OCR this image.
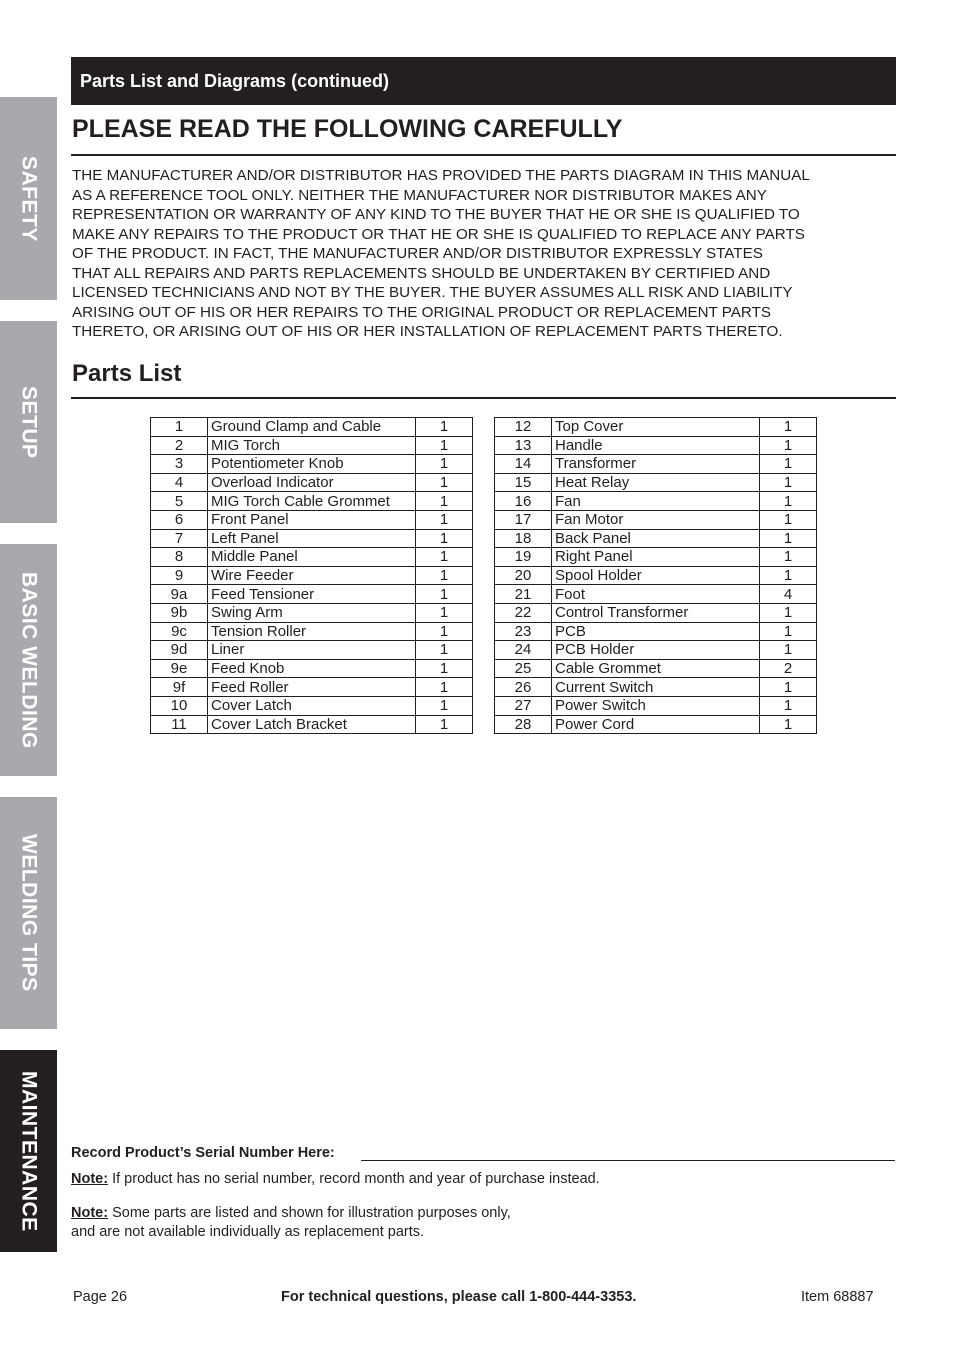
SAFETY
SETUP
BASIC WELDING
WELDING TIPS
MAINTENANCE
Parts List and Diagrams (continued)
PLEASE READ THE FOLLOWING CAREFULLY
THE MANUFACTURER AND/OR DISTRIBUTOR HAS PROVIDED THE PARTS DIAGRAM IN THIS MANUAL
AS A REFERENCE TOOL ONLY. NEITHER THE MANUFACTURER NOR DISTRIBUTOR MAKES ANY
REPRESENTATION OR WARRANTY OF ANY KIND TO THE BUYER THAT HE OR SHE IS QUALIFIED TO
MAKE ANY REPAIRS TO THE PRODUCT OR THAT HE OR SHE IS QUALIFIED TO REPLACE ANY PARTS
OF THE PRODUCT. IN FACT, THE MANUFACTURER AND/OR DISTRIBUTOR EXPRESSLY STATES
THAT ALL REPAIRS AND PARTS REPLACEMENTS SHOULD BE UNDERTAKEN BY CERTIFIED AND
LICENSED TECHNICIANS AND NOT BY THE BUYER. THE BUYER ASSUMES ALL RISK AND LIABILITY
ARISING OUT OF HIS OR HER REPAIRS TO THE ORIGINAL PRODUCT OR REPLACEMENT PARTS
THERETO, OR ARISING OUT OF HIS OR HER INSTALLATION OF REPLACEMENT PARTS THERETO.
Parts List
1	Ground Clamp and Cable	1
2	MIG Torch	1
3	Potentiometer Knob	1
4	Overload Indicator	1
5	MIG Torch Cable Grommet	1
6	Front Panel	1
7	Left Panel	1
8	Middle Panel	1
9	Wire Feeder	1
9a	Feed Tensioner	1
9b	Swing Arm	1
9c	Tension Roller	1
9d	Liner	1
9e	Feed Knob	1
9f	Feed Roller	1
10	Cover Latch	1
11	Cover Latch Bracket	1
12	Top Cover	1
13	Handle	1
14	Transformer	1
15	Heat Relay	1
16	Fan	1
17	Fan Motor	1
18	Back Panel	1
19	Right Panel	1
20	Spool Holder	1
21	Foot	4
22	Control Transformer	1
23	PCB	1
24	PCB Holder	1
25	Cable Grommet	2
26	Current Switch	1
27	Power Switch	1
28	Power Cord	1
Record Product’s Serial Number Here:
Note: If product has no serial number, record month and year of purchase instead.
Note: Some parts are listed and shown for illustration purposes only,
and are not available individually as replacement parts.
Page 26	For technical questions, please call 1-800-444-3353.	Item 68887
